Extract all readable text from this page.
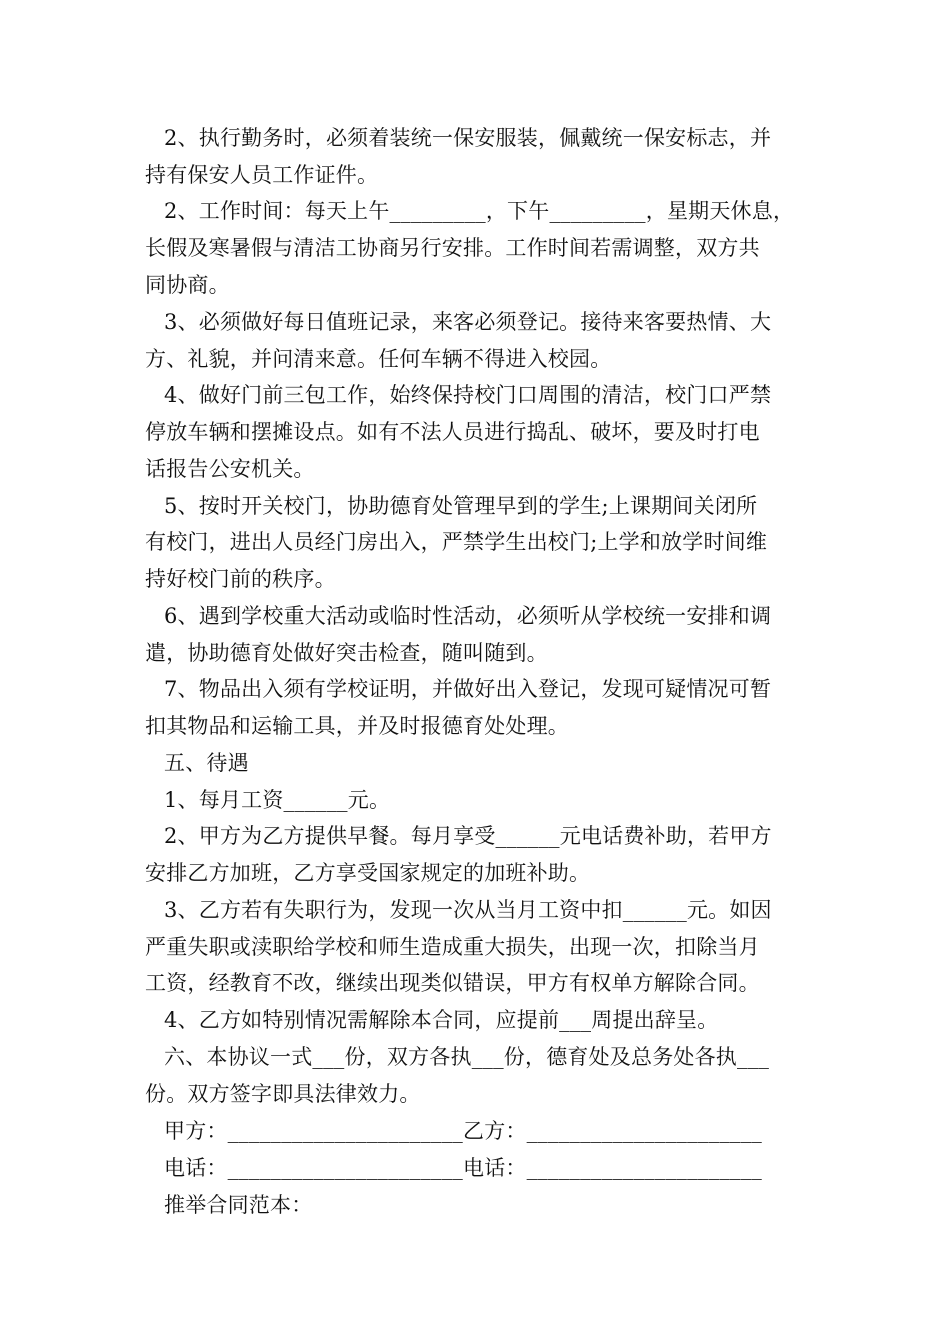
2、执行勤务时，必须着装统一保安服装，佩戴统一保安标志，并
持有保安人员工作证件。
2、工作时间：每天上午_________，下午_________，星期天休息，
长假及寒暑假与清洁工协商另行安排。工作时间若需调整，双方共
同协商。
3、必须做好每日值班记录，来客必须登记。接待来客要热情、大
方、礼貌，并问清来意。任何车辆不得进入校园。
4、做好门前三包工作，始终保持校门口周围的清洁，校门口严禁
停放车辆和摆摊设点。如有不法人员进行捣乱、破坏，要及时打电
话报告公安机关。
5、按时开关校门，协助德育处管理早到的学生;上课期间关闭所
有校门，进出人员经门房出入，严禁学生出校门;上学和放学时间维
持好校门前的秩序。
6、遇到学校重大活动或临时性活动，必须听从学校统一安排和调
遣，协助德育处做好突击检查，随叫随到。
7、物品出入须有学校证明，并做好出入登记，发现可疑情况可暂
扣其物品和运输工具，并及时报德育处处理。
五、待遇
1、每月工资______元。
2、甲方为乙方提供早餐。每月享受______元电话费补助，若甲方
安排乙方加班，乙方享受国家规定的加班补助。
3、乙方若有失职行为，发现一次从当月工资中扣______元。如因
严重失职或渎职给学校和师生造成重大损失，出现一次，扣除当月
工资，经教育不改，继续出现类似错误，甲方有权单方解除合同。
4、乙方如特别情况需解除本合同，应提前___周提出辞呈。
六、本协议一式___份，双方各执___份，德育处及总务处各执___
份。双方签字即具法律效力。
甲方：______________________乙方：______________________
电话：______________________电话：______________________
推举合同范本：
